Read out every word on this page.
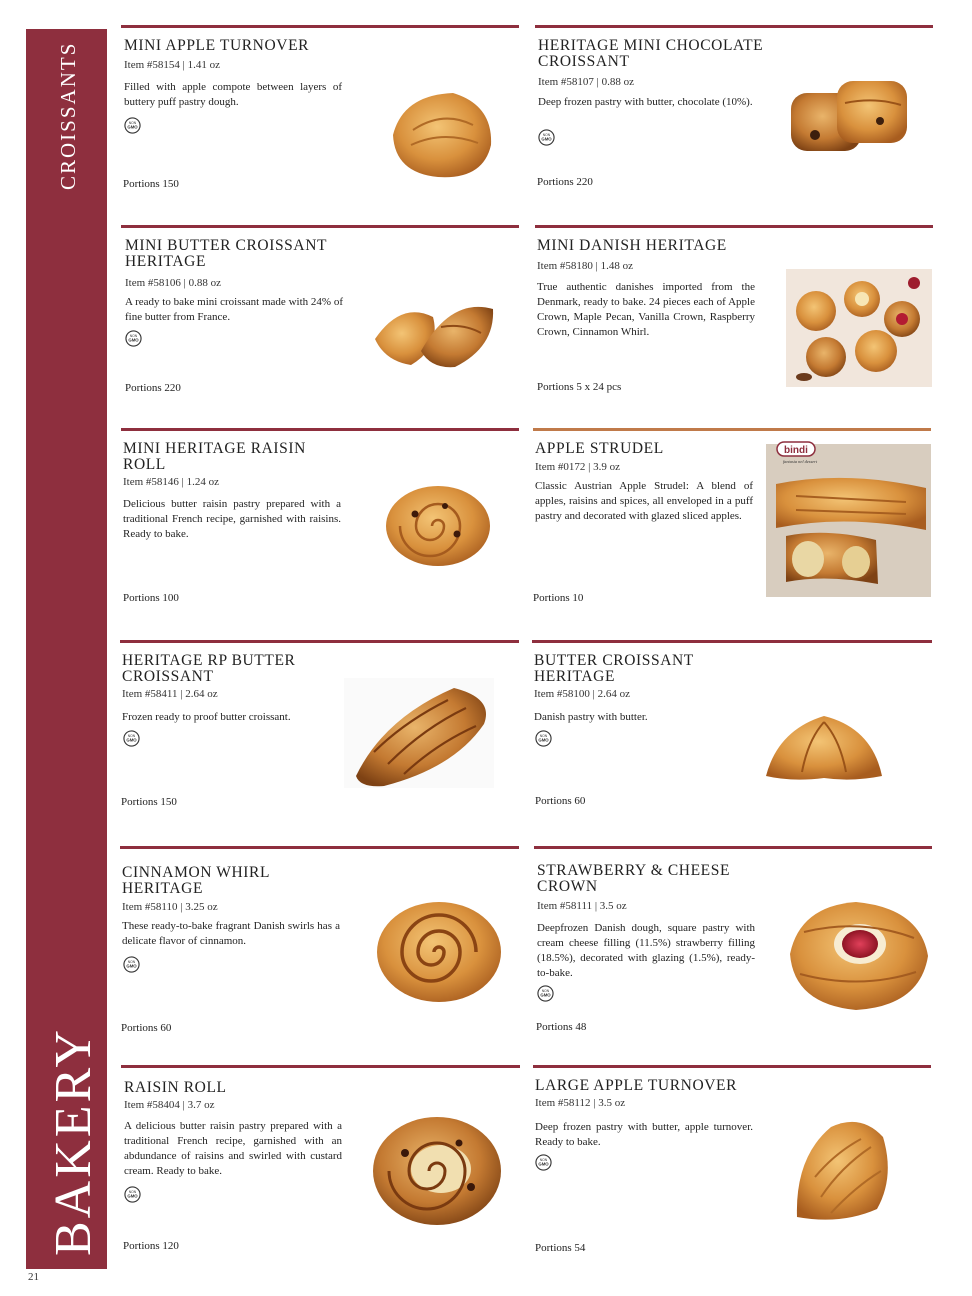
CROISSANTS
BAKERY
21
MINI APPLE TURNOVER
Item #58154 | 1.41 oz
Filled with apple compote between layers of buttery puff pastry dough.
NON
GMO
Portions 150
HERITAGE MINI CHOCOLATE CROISSANT
Item #58107 | 0.88 oz
Deep frozen pastry with butter, chocolate (10%).
NON
GMO
Portions 220
MINI BUTTER CROISSANT HERITAGE
Item #58106 | 0.88 oz
A ready to bake mini croissant made with 24% of fine butter from France.
NON
GMO
Portions 220
MINI DANISH HERITAGE
Item #58180 | 1.48 oz
True authentic danishes imported from the Denmark, ready to bake. 24 pieces each of Apple Crown, Maple Pecan, Vanilla Crown, Raspberry Crown, Cinnamon Whirl.
Portions 5 x 24 pcs
MINI HERITAGE RAISIN ROLL
Item #58146 | 1.24 oz
Delicious butter raisin pastry prepared with a traditional French recipe, garnished with raisins. Ready to bake.
Portions 100
APPLE STRUDEL
Item #0172 | 3.9 oz
Classic Austrian Apple Strudel: A blend of apples, raisins and spices, all enveloped in a puff pastry and decorated with glazed sliced apples.
Portions 10
bindi
fantasia nel dessert
HERITAGE RP BUTTER CROISSANT
Item #58411 | 2.64 oz
Frozen ready to proof butter croissant.
NON
GMO
Portions 150
BUTTER CROISSANT HERITAGE
Item #58100 | 2.64 oz
Danish pastry with butter.
NON
GMO
Portions 60
CINNAMON WHIRL HERITAGE
Item #58110 | 3.25 oz
These ready-to-bake fragrant Danish swirls has a delicate flavor of cinnamon.
NON
GMO
Portions 60
STRAWBERRY & CHEESE CROWN
Item #58111 | 3.5 oz
Deepfrozen Danish dough, square pastry with cream cheese filling (11.5%) strawberry filling (18.5%), decorated with glazing (1.5%), ready-to-bake.
NON
GMO
Portions 48
RAISIN ROLL
Item #58404 | 3.7 oz
A delicious butter raisin pastry prepared with a traditional French recipe, garnished with an abdundance of raisins and swirled with custard cream. Ready to bake.
NON
GMO
Portions 120
LARGE APPLE TURNOVER
Item #58112 | 3.5 oz
Deep frozen pastry with butter, apple turnover. Ready to bake.
NON
GMO
Portions 54
